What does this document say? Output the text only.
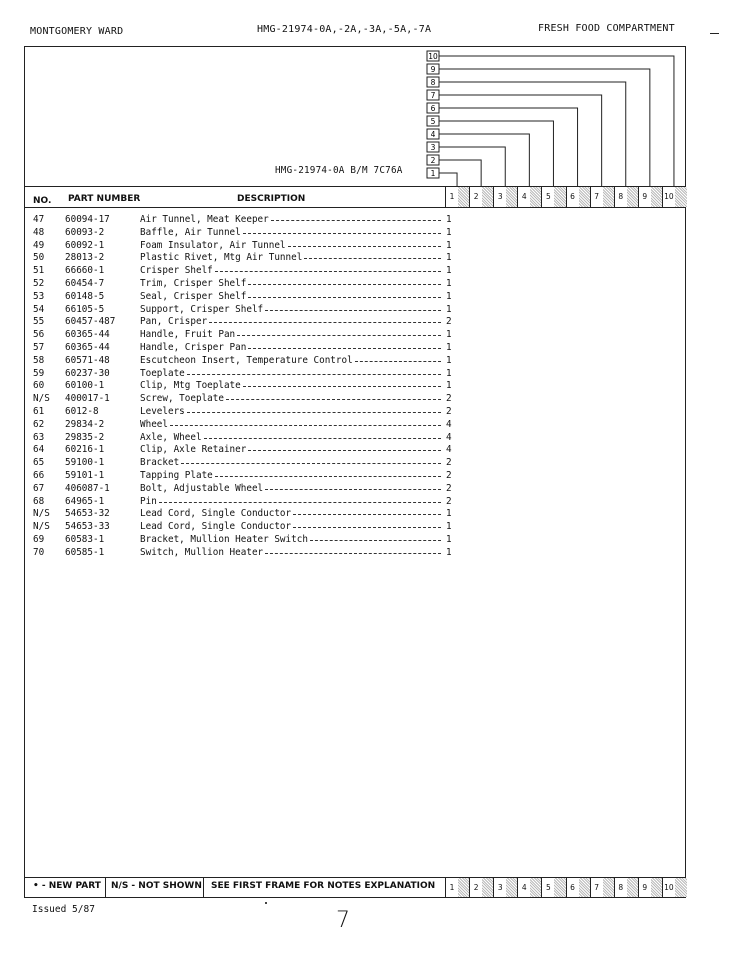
MONTGOMERY WARD	HMG-21974-0A,-2A,-3A,-5A,-7A	FRESH FOOD COMPARTMENT
10
9
8
7
6
5
4
3
2
1
HMG-21974-0A B/M 7C76A
NO. PART NUMBER	DESCRIPTION	1	2	3	4	5	6	7	8	9	10
47 60094-17	Air Tunnel, Meat Keeper	1
48 60093-2	Baffle, Air Tunnel	1
49 60092-1	Foam Insulator, Air Tunnel	1
50 28013-2	Plastic Rivet, Mtg Air Tunnel	1
51 66660-1	Crisper Shelf	1
52 60454-7	Trim, Crisper Shelf	1
53 60148-5	Seal, Crisper Shelf	1
54 66105-5	Support, Crisper Shelf	1
55 60457-487	Pan, Crisper	2
56 60365-44	Handle, Fruit Pan	1
57 60365-44	Handle, Crisper Pan	1
58 60571-48	Escutcheon Insert, Temperature Control	1
59 60237-30	Toeplate	1
60 60100-1	Clip, Mtg Toeplate	1
N/S 400017-1	Screw, Toeplate	2
61 6012-8	Levelers	2
62 29834-2	Wheel	4
63 29835-2	Axle, Wheel	4
64 60216-1	Clip, Axle Retainer	4
65 59100-1	Bracket	2
66 59101-1	Tapping Plate	2
67 406087-1	Bolt, Adjustable Wheel	2
68 64965-1	Pin	2
N/S 54653-32	Lead Cord, Single Conductor	1
N/S 54653-33	Lead Cord, Single Conductor	1
69 60583-1	Bracket, Mullion Heater Switch	1
70 60585-1	Switch, Mullion Heater	1
• - NEW PART N/S - NOT SHOWN SEE FIRST FRAME FOR NOTES EXPLANATION	1	2	3	4	5	6	7	8	9	10
Issued 5/87	7
